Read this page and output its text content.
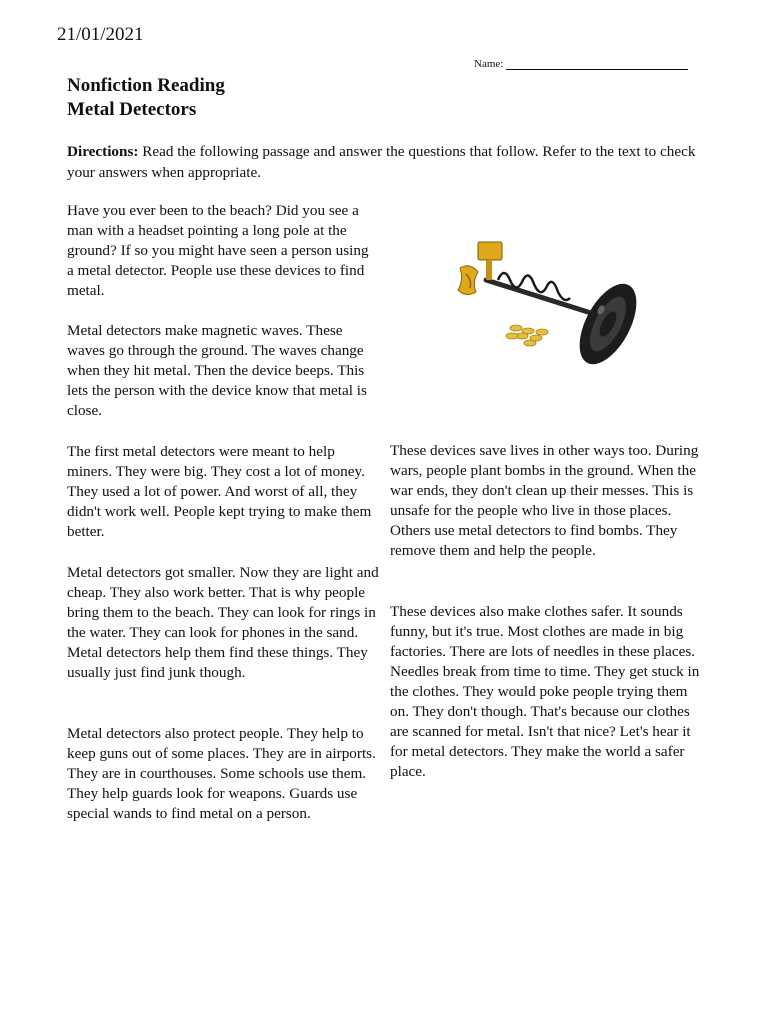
21/01/2021
Name:
Nonfiction Reading
Metal Detectors
Directions: Read the following passage and answer the questions that follow. Refer to the text to check your answers when appropriate.

Have you ever been to the beach? Did you see a man with a headset pointing a long pole at the ground? If so you might have seen a person using a metal detector. People use these devices to find metal.

Metal detectors make magnetic waves. These waves go through the ground. The waves change when they hit metal. Then the device beeps. This lets the person with the device know that metal is close.

The first metal detectors were meant to help miners. They were big. They cost a lot of money. They used a lot of power. And worst of all, they didn't work well. People kept trying to make them better.

Metal detectors got smaller. Now they are light and cheap. They also work better. That is why people bring them to the beach. They can look for rings in the water. They can look for phones in the sand. Metal detectors help them find these things. They usually just find junk though.

Metal detectors also protect people. They help to keep guns out of some places. They are in airports. They are in courthouses. Some schools use them. They help guards look for weapons. Guards use special wands to find metal on a person.

These devices save lives in other ways too. During wars, people plant bombs in the ground. When the war ends, they don't clean up their messes. This is unsafe for the people who live in those places. Others use metal detectors to find bombs. They remove them and help the people.

These devices also make clothes safer. It sounds funny, but it's true. Most clothes are made in big factories. There are lots of needles in these places. Needles break from time to time. They get stuck in the clothes. They would poke people trying them on. They don't though. That's because our clothes are scanned for metal. Isn't that nice? Let's hear it for metal detectors. They make the world a safer place.
